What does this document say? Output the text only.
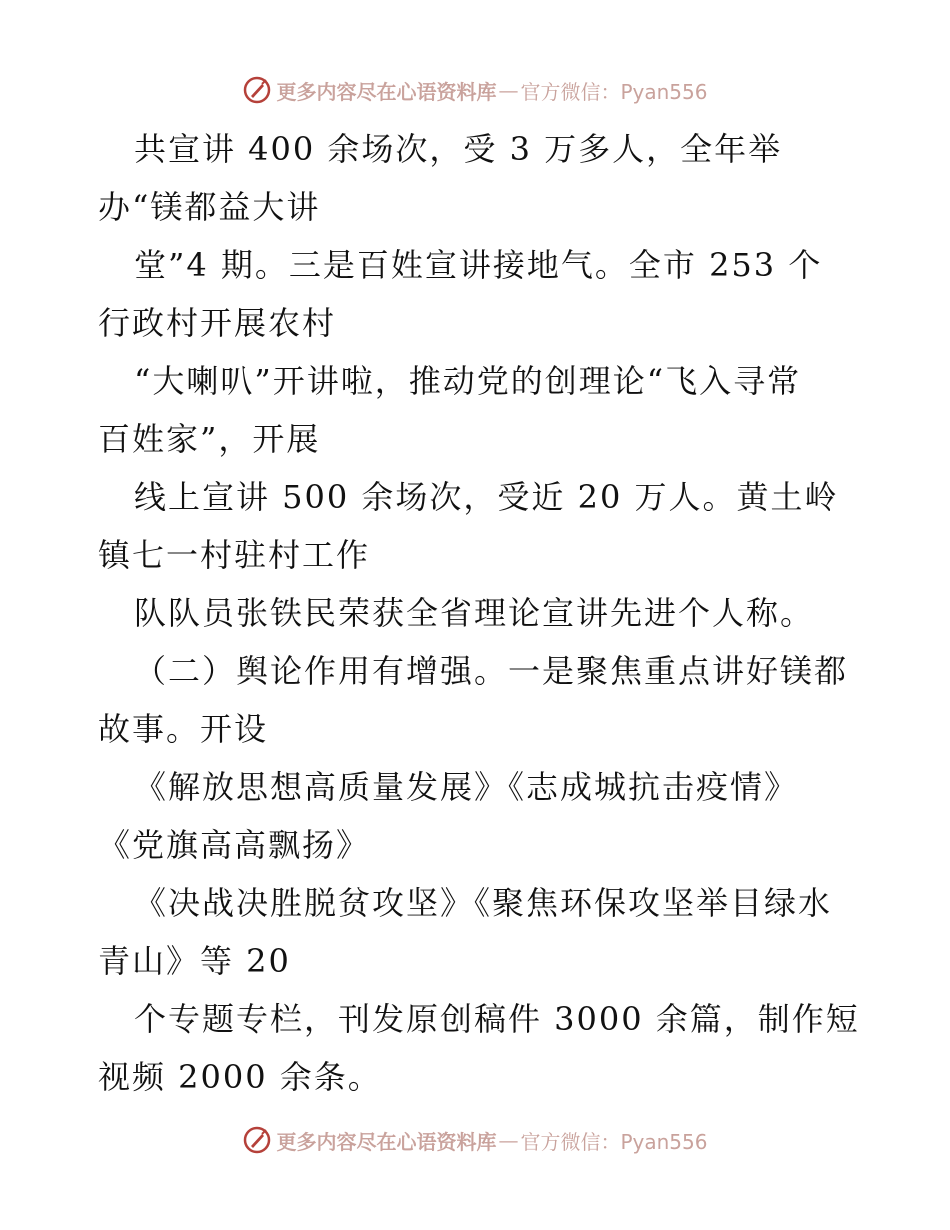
更多内容尽在心语资料库 — 官方微信：Pyan556
共宣讲 400 余场次，受 3 万多人，全年举
办“镁都益大讲
堂”4 期。三是百姓宣讲接地气。全市 253 个
行政村开展农村
“大喇叭”开讲啦，推动党的创理论“飞入寻常
百姓家”，开展
线上宣讲 500 余场次，受近 20 万人。黄土岭
镇七一村驻村工作
队队员张铁民荣获全省理论宣讲先进个人称。
（二）舆论作用有增强。一是聚焦重点讲好镁都
故事。开设
《解放思想高质量发展》《志成城抗击疫情》
《党旗高高飘扬》
《决战决胜脱贫攻坚》《聚焦环保攻坚举目绿水
青山》等 20
个专题专栏，刊发原创稿件 3000 余篇，制作短
视频 2000 余条。
更多内容尽在心语资料库 — 官方微信：Pyan556
